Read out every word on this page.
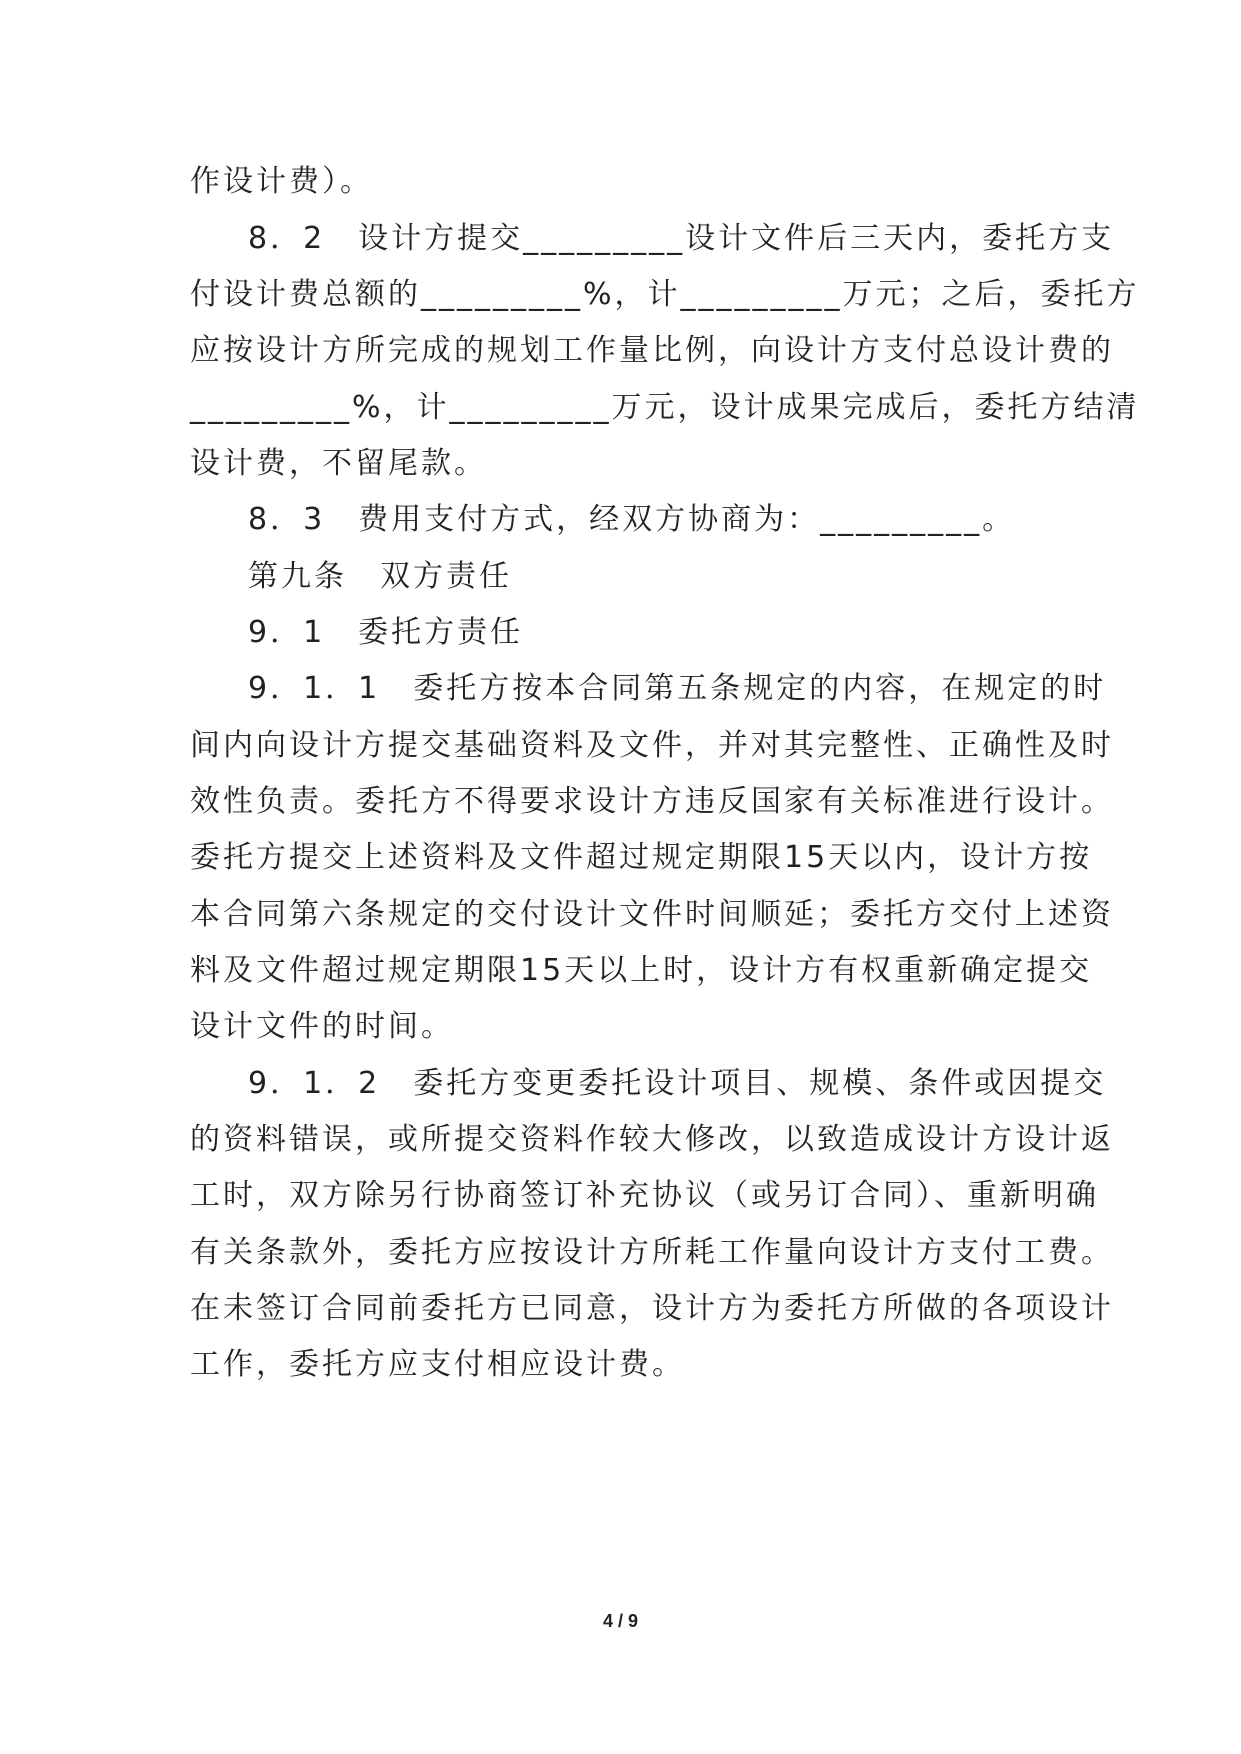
作设计费）。
8．2　设计方提交_________设计文件后三天内，委托方支
付设计费总额的_________%，计_________万元；之后，委托方
应按设计方所完成的规划工作量比例，向设计方支付总设计费的
_________%，计_________万元，设计成果完成后，委托方结清
设计费，不留尾款。
8．3　费用支付方式，经双方协商为：_________。
第九条　双方责任
9．1　委托方责任
9．1．1　委托方按本合同第五条规定的内容，在规定的时
间内向设计方提交基础资料及文件，并对其完整性、正确性及时
效性负责。委托方不得要求设计方违反国家有关标准进行设计。
委托方提交上述资料及文件超过规定期限15天以内，设计方按
本合同第六条规定的交付设计文件时间顺延；委托方交付上述资
料及文件超过规定期限15天以上时，设计方有权重新确定提交
设计文件的时间。
9．1．2　委托方变更委托设计项目、规模、条件或因提交
的资料错误，或所提交资料作较大修改，以致造成设计方设计返
工时，双方除另行协商签订补充协议（或另订合同）、重新明确
有关条款外，委托方应按设计方所耗工作量向设计方支付工费。
在未签订合同前委托方已同意，设计方为委托方所做的各项设计
工作，委托方应支付相应设计费。
4 / 9
